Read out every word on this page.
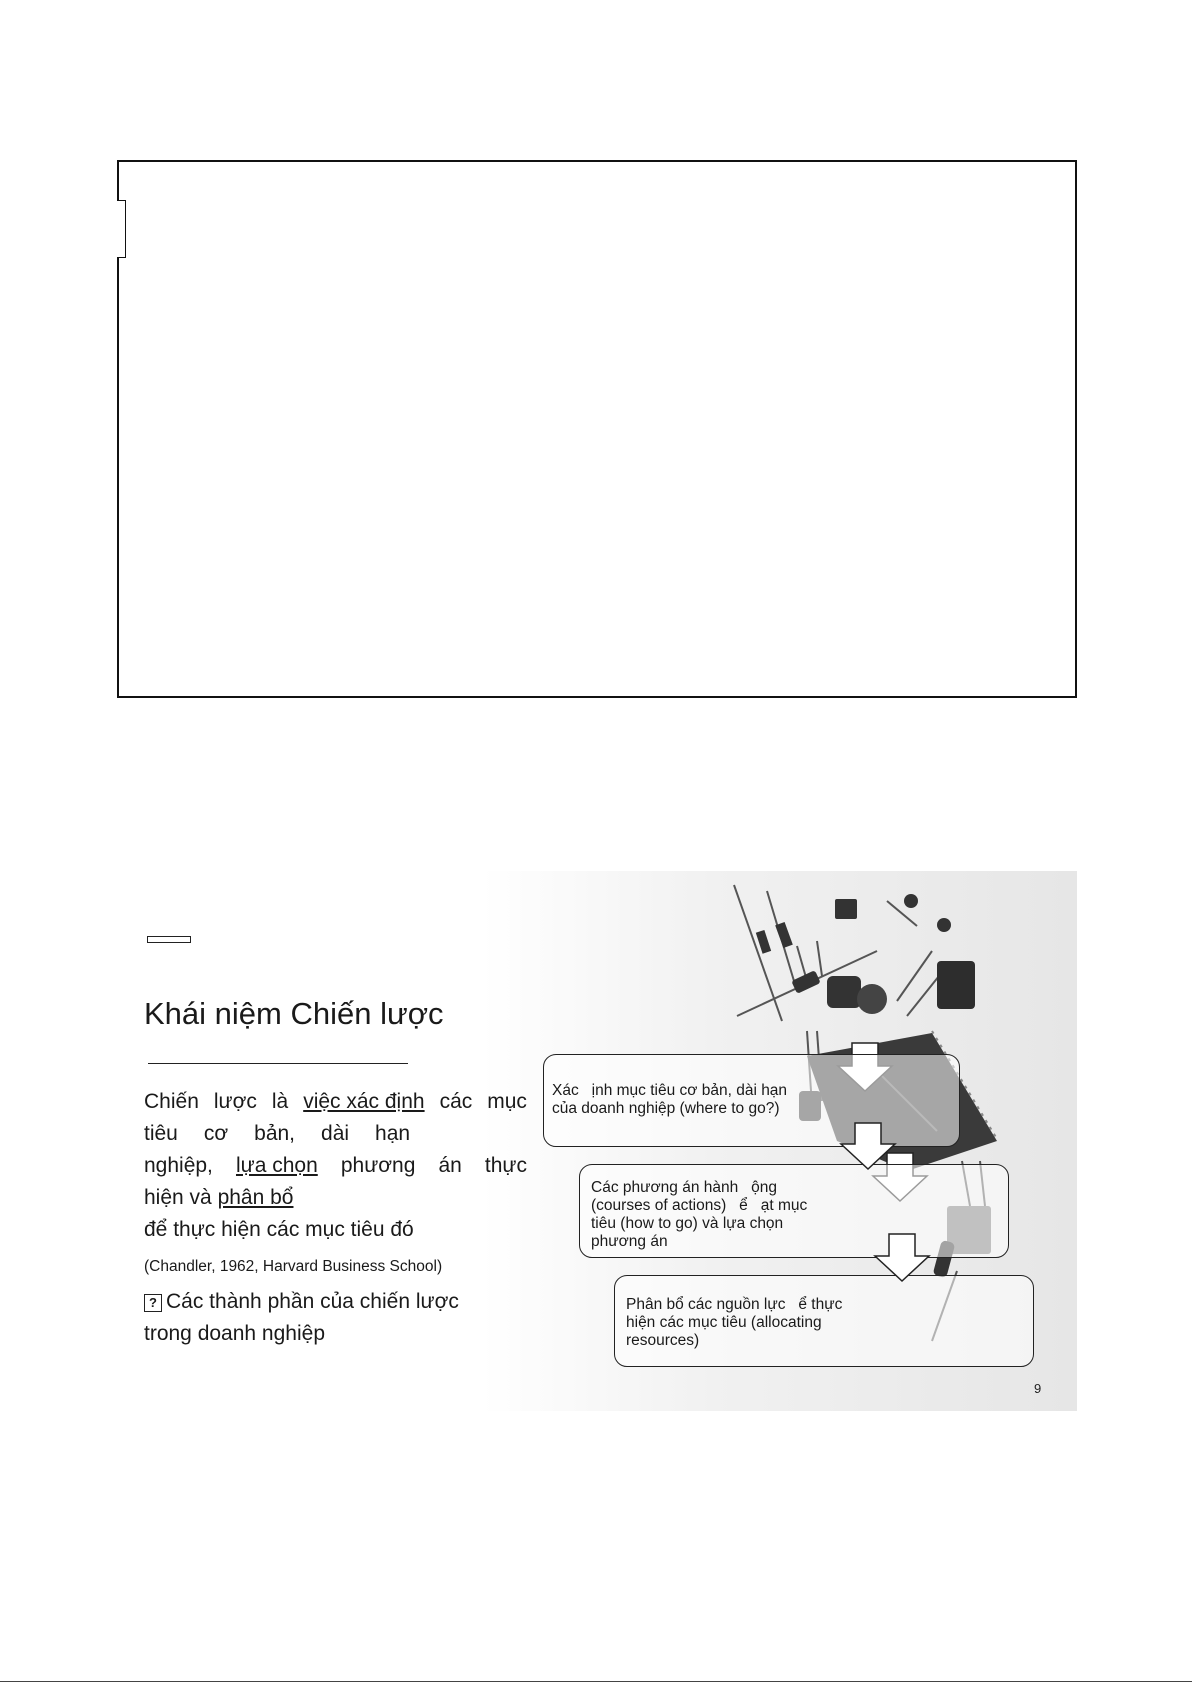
Khái niệm Chiến lược
Chiến lược là việc xác định các mục
tiêu cơ bản, dài hạn
nghiệp, lựa chọn phương án thực
hiện và phân bổ
để thực hiện các mục tiêu đó
(Chandler, 1962, Harvard Business School)
? Các thành phần của chiến lược
trong doanh nghiệp
Xác   ịnh mục tiêu cơ bản, dài hạn
của doanh nghiệp (where to go?)
Các phương án hành   ộng
(courses of actions)   ể   ạt mục
tiêu (how to go) và lựa chọn
phương án
Phân bổ các nguồn lực   ể thực
hiện các mục tiêu (allocating
resources)
9
